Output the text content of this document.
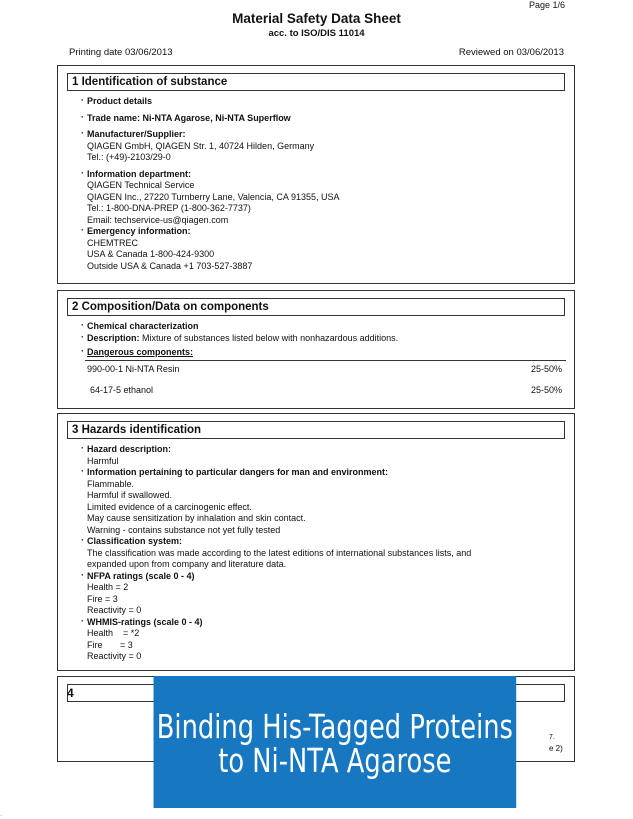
Page 1/6
Material Safety Data Sheet
acc. to ISO/DIS 11014
Printing date 03/06/2013	Reviewed on 03/06/2013
1 Identification of substance
· Product details
· Trade name: Ni-NTA Agarose, Ni-NTA Superflow
· Manufacturer/Supplier:
QIAGEN GmbH, QIAGEN Str. 1, 40724 Hilden, Germany
Tel.: (+49)-2103/29-0
· Information department:
QIAGEN Technical Service
QIAGEN Inc., 27220 Turnberry Lane, Valencia, CA 91355, USA
Tel.: 1-800-DNA-PREP (1-800-362-7737)
Email: techservice-us@qiagen.com
· Emergency information:
CHEMTREC
USA & Canada 1-800-424-9300
Outside USA & Canada +1 703-527-3887
2 Composition/Data on components
· Chemical characterization
· Description: Mixture of substances listed below with nonhazardous additions.
· Dangerous components:
990-00-1 Ni-NTA Resin	25-50%
64-17-5 ethanol	25-50%
3 Hazards identification
· Hazard description:
Harmful
· Information pertaining to particular dangers for man and environment:
Flammable.
Harmful if swallowed.
Limited evidence of a carcinogenic effect.
May cause sensitization by inhalation and skin contact.
Warning - contains substance not yet fully tested
· Classification system:
The classification was made according to the latest editions of international substances lists, and
expanded upon from company and literature data.
· NFPA ratings (scale 0 - 4)
Health = 2
Fire = 3
Reactivity = 0
· WHMIS-ratings (scale 0 - 4)
Health    = *2
Fire       = 3
Reactivity = 0
4
7.
e 2)
Binding His-Tagged Proteins to Ni-NTA Agarose
·
